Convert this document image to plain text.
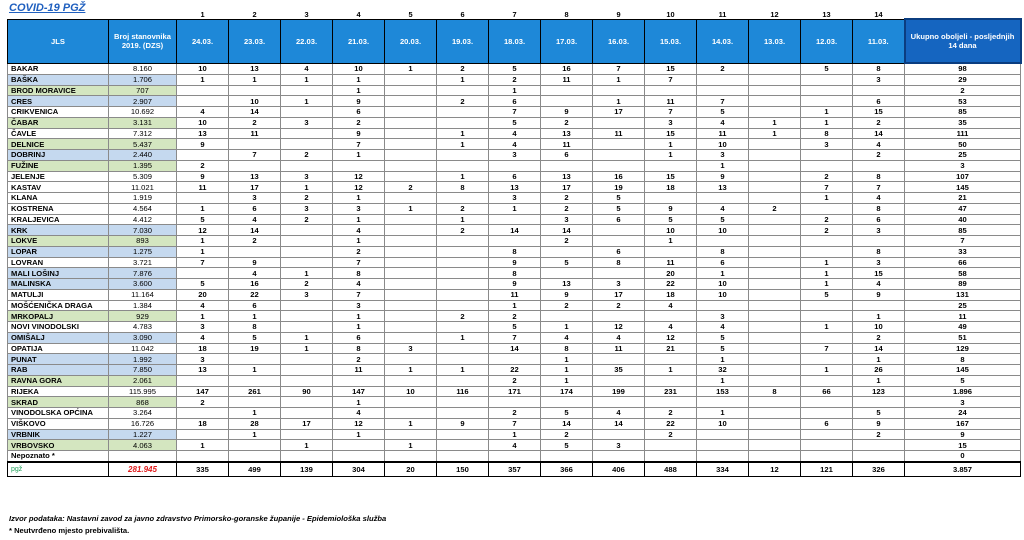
COVID-19 PGŽ
			1	2	3	4	5	6	7	8	9	10	11	12	13	14	
JLS	Broj stanovnika 2019. (DZS)	24.03.	23.03.	22.03.	21.03.	20.03.	19.03.	18.03.	17.03.	16.03.	15.03.	14.03.	13.03.	12.03.	11.03.	Ukupno oboljeli - posljednjih 14 dana
BAKAR	8.160	10	13	4	10	1	2	5	16	7	15	2		5	8	98
BAŠKA	1.706	1	1	1	1		1	2	11	1	7				3	29
BROD MORAVICE	707				1			1								2
CRES	2.907		10	1	9		2	6		1	11	7			6	53
CRIKVENICA	10.692	4	14		6			7	9	17	7	5		1	15	85
ČABAR	3.131	10	2	3	2			5	2		3	4	1	1	2	35
ČAVLE	7.312	13	11		9		1	4	13	11	15	11	1	8	14	111
DELNICE	5.437	9			7		1	4	11		1	10		3	4	50
DOBRINJ	2.440		7	2	1			3	6		1	3			2	25
FUŽINE	1.395	2										1				3
JELENJE	5.309	9	13	3	12		1	6	13	16	15	9		2	8	107
KASTAV	11.021	11	17	1	12	2	8	13	17	19	18	13		7	7	145
KLANA	1.919		3	2	1			3	2	5				1	4	21
KOSTRENA	4.564	1	6	3	3	1	2	1	2	5	9	4	2		8	47
KRALJEVICA	4.412	5	4	2	1		1		3	6	5	5		2	6	40
KRK	7.030	12	14		4		2	14	14		10	10		2	3	85
LOKVE	893	1	2		1				2		1					7
LOPAR	1.275	1			2			8		6		8			8	33
LOVRAN	3.721	7	9		7			9	5	8	11	6		1	3	66
MALI LOŠINJ	7.876		4	1	8			8			20	1		1	15	58
MALINSKA	3.600	5	16	2	4			9	13	3	22	10		1	4	89
MATULJI	11.164	20	22	3	7			11	9	17	18	10		5	9	131
MOŠĆENIČKA DRAGA	1.384	4	6		3			1	2	2	4					25
MRKOPALJ	929	1	1		1		2	2				3			1	11
NOVI VINODOLSKI	4.783	3	8		1			5	1	12	4	4		1	10	49
OMIŠALJ	3.090	4	5	1	6		1	7	4	4	12	5			2	51
OPATIJA	11.042	18	19	1	8	3		14	8	11	21	5		7	14	129
PUNAT	1.992	3			2				1			1			1	8
RAB	7.850	13	1		11	1	1	22	1	35	1	32		1	26	145
RAVNA GORA	2.061							2	1			1			1	5
RIJEKA	115.995	147	261	90	147	10	116	171	174	199	231	153	8	66	123	1.896
SKRAD	868	2			1											3
VINODOLSKA OPĆINA	3.264		1		4			2	5	4	2	1			5	24
VIŠKOVO	16.726	18	28	17	12	1	9	7	14	14	22	10		6	9	167
VRBNIK	1.227		1		1			1	2		2				2	9
VRBOVSKO	4.063	1		1		1		4	5	3						15
Nepoznato *																0
pgž	281.945	335	499	139	304	20	150	357	366	406	488	334	12	121	326	3.857
Izvor podataka: Nastavni zavod za javno zdravstvo Primorsko-goranske županije - Epidemiološka služba
* Neutvrđeno mjesto prebivališta.
